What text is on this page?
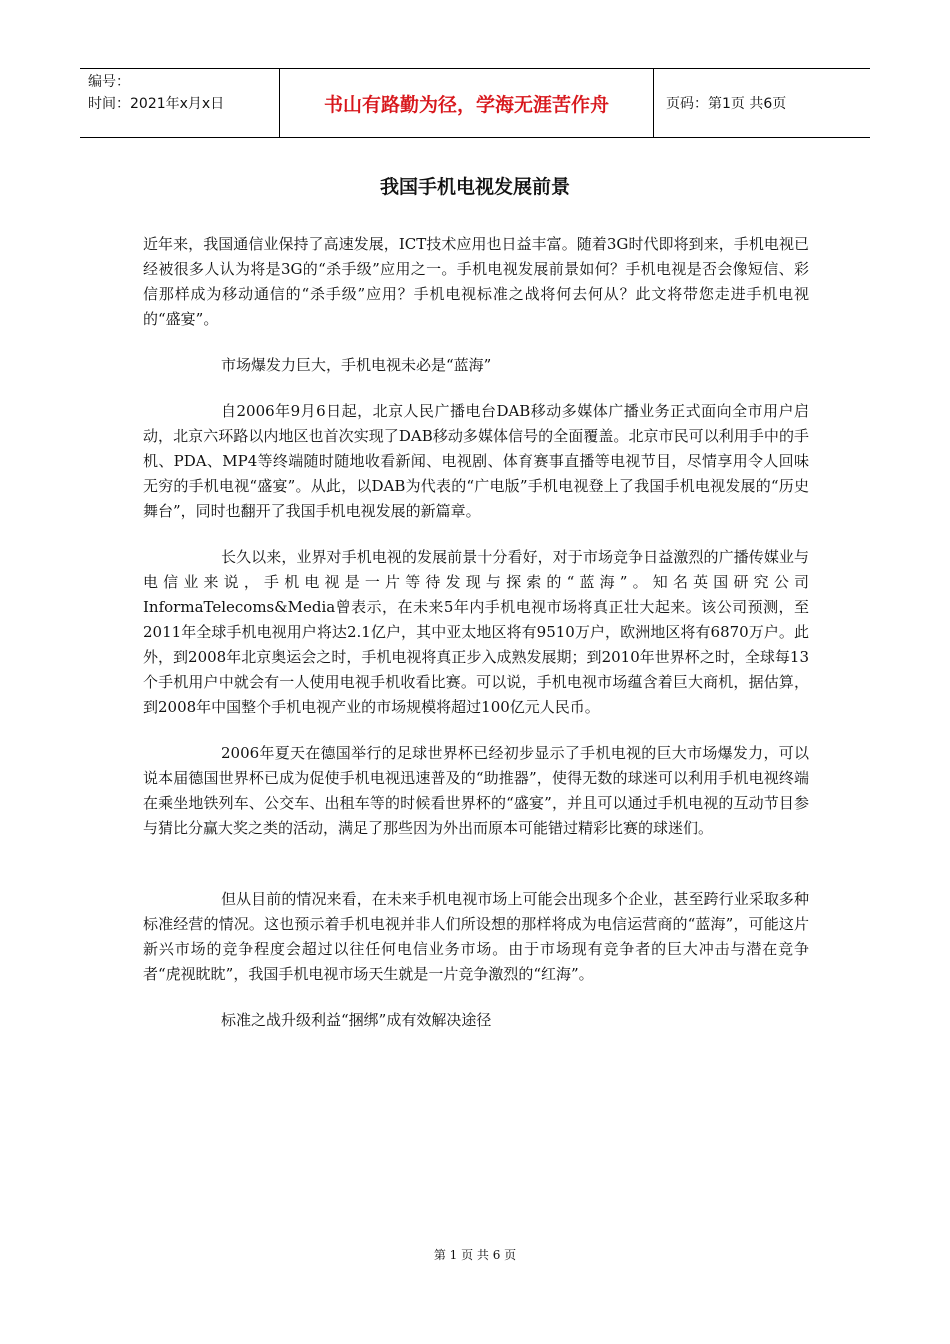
编号：
时间：2021年x月x日	书山有路勤为径，学海无涯苦作舟	页码：第1页 共6页
我国手机电视发展前景

近年来，我国通信业保持了高速发展，ICT技术应用也日益丰富。随着3G时代即将到来，手机电视已经被很多人认为将是3G的“杀手级”应用之一。手机电视发展前景如何？手机电视是否会像短信、彩信那样成为移动通信的“杀手级”应用？手机电视标准之战将何去何从？此文将带您走进手机电视的“盛宴”。

市场爆发力巨大，手机电视未必是“蓝海”

自2006年9月6日起，北京人民广播电台DAB移动多媒体广播业务正式面向全市用户启动，北京六环路以内地区也首次实现了DAB移动多媒体信号的全面覆盖。北京市民可以利用手中的手机、PDA、MP4等终端随时随地收看新闻、电视剧、体育赛事直播等电视节目，尽情享用令人回味无穷的手机电视“盛宴”。从此，以DAB为代表的“广电版”手机电视登上了我国手机电视发展的“历史舞台”，同时也翻开了我国手机电视发展的新篇章。

长久以来，业界对手机电视的发展前景十分看好，对于市场竞争日益激烈的广播传媒业与电信业来说，手机电视是一片等待发现与探索的“蓝海”。知名英国研究公司InformaTelecoms&Media曾表示，在未来5年内手机电视市场将真正壮大起来。该公司预测，至2011年全球手机电视用户将达2.1亿户，其中亚太地区将有9510万户，欧洲地区将有6870万户。此外，到2008年北京奥运会之时，手机电视将真正步入成熟发展期；到2010年世界杯之时，全球每13个手机用户中就会有一人使用电视手机收看比赛。可以说，手机电视市场蕴含着巨大商机，据估算，到2008年中国整个手机电视产业的市场规模将超过100亿元人民币。

2006年夏天在德国举行的足球世界杯已经初步显示了手机电视的巨大市场爆发力，可以说本届德国世界杯已成为促使手机电视迅速普及的“助推器”，使得无数的球迷可以利用手机电视终端在乘坐地铁列车、公交车、出租车等的时候看世界杯的“盛宴”，并且可以通过手机电视的互动节目参与猜比分赢大奖之类的活动，满足了那些因为外出而原本可能错过精彩比赛的球迷们。

但从目前的情况来看，在未来手机电视市场上可能会出现多个企业，甚至跨行业采取多种标准经营的情况。这也预示着手机电视并非人们所设想的那样将成为电信运营商的“蓝海”，可能这片新兴市场的竞争程度会超过以往任何电信业务市场。由于市场现有竞争者的巨大冲击与潜在竞争者“虎视眈眈”，我国手机电视市场天生就是一片竞争激烈的“红海”。

标准之战升级利益“捆绑”成有效解决途径

第 1 页 共 6 页
